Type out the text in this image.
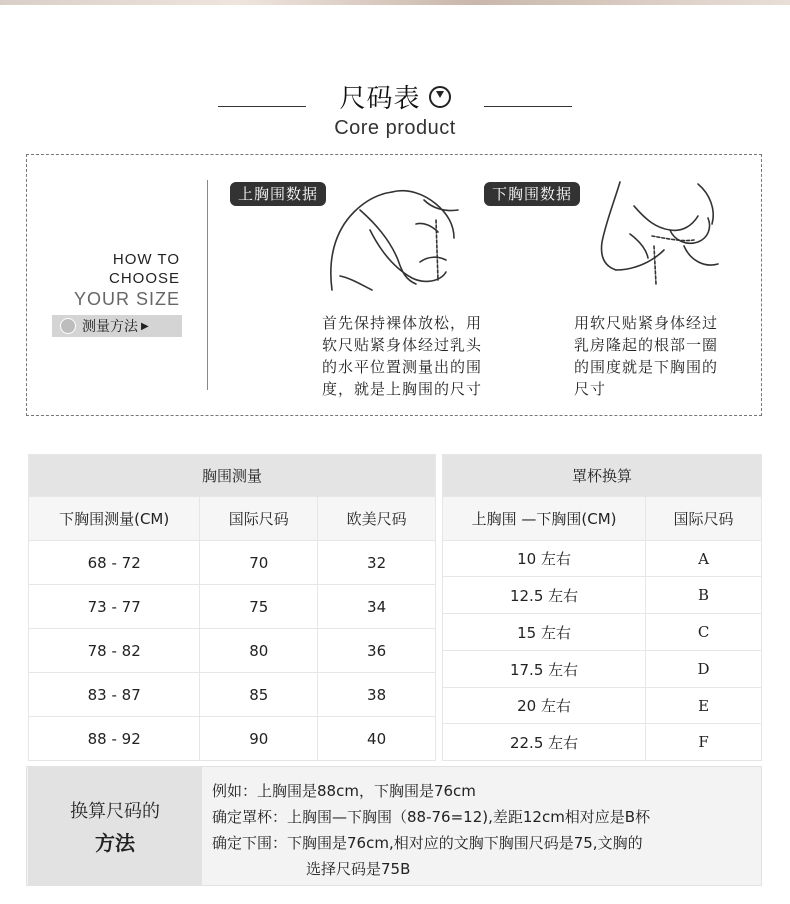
尺码表
Core product
HOW TO
CHOOSE
YOUR SIZE
测量方法 ▶
上胸围数据
首先保持裸体放松，用
软尺贴紧身体经过乳头
的水平位置测量出的围
度，就是上胸围的尺寸
下胸围数据
用软尺贴紧身体经过
乳房隆起的根部一圈
的围度就是下胸围的
尺寸
胸围测量		
下胸围测量(CM)	国际尺码	欧美尺码
68 - 72	70	32
73 - 77	75	34
78 - 82	80	36
83 - 87	85	38
88 - 92	90	40
罩杯换算	
上胸围 —下胸围(CM)	国际尺码
10 左右	A
12.5 左右	B
15 左右	C
17.5 左右	D
20 左右	E
22.5 左右	F
换算尺码的
方法
例如：上胸围是88cm，下胸围是76cm
确定罩杯：上胸围—下胸围（88-76=12),差距12cm相对应是B杯
确定下围：下胸围是76cm,相对应的文胸下胸围尺码是75,文胸的
选择尺码是75B
